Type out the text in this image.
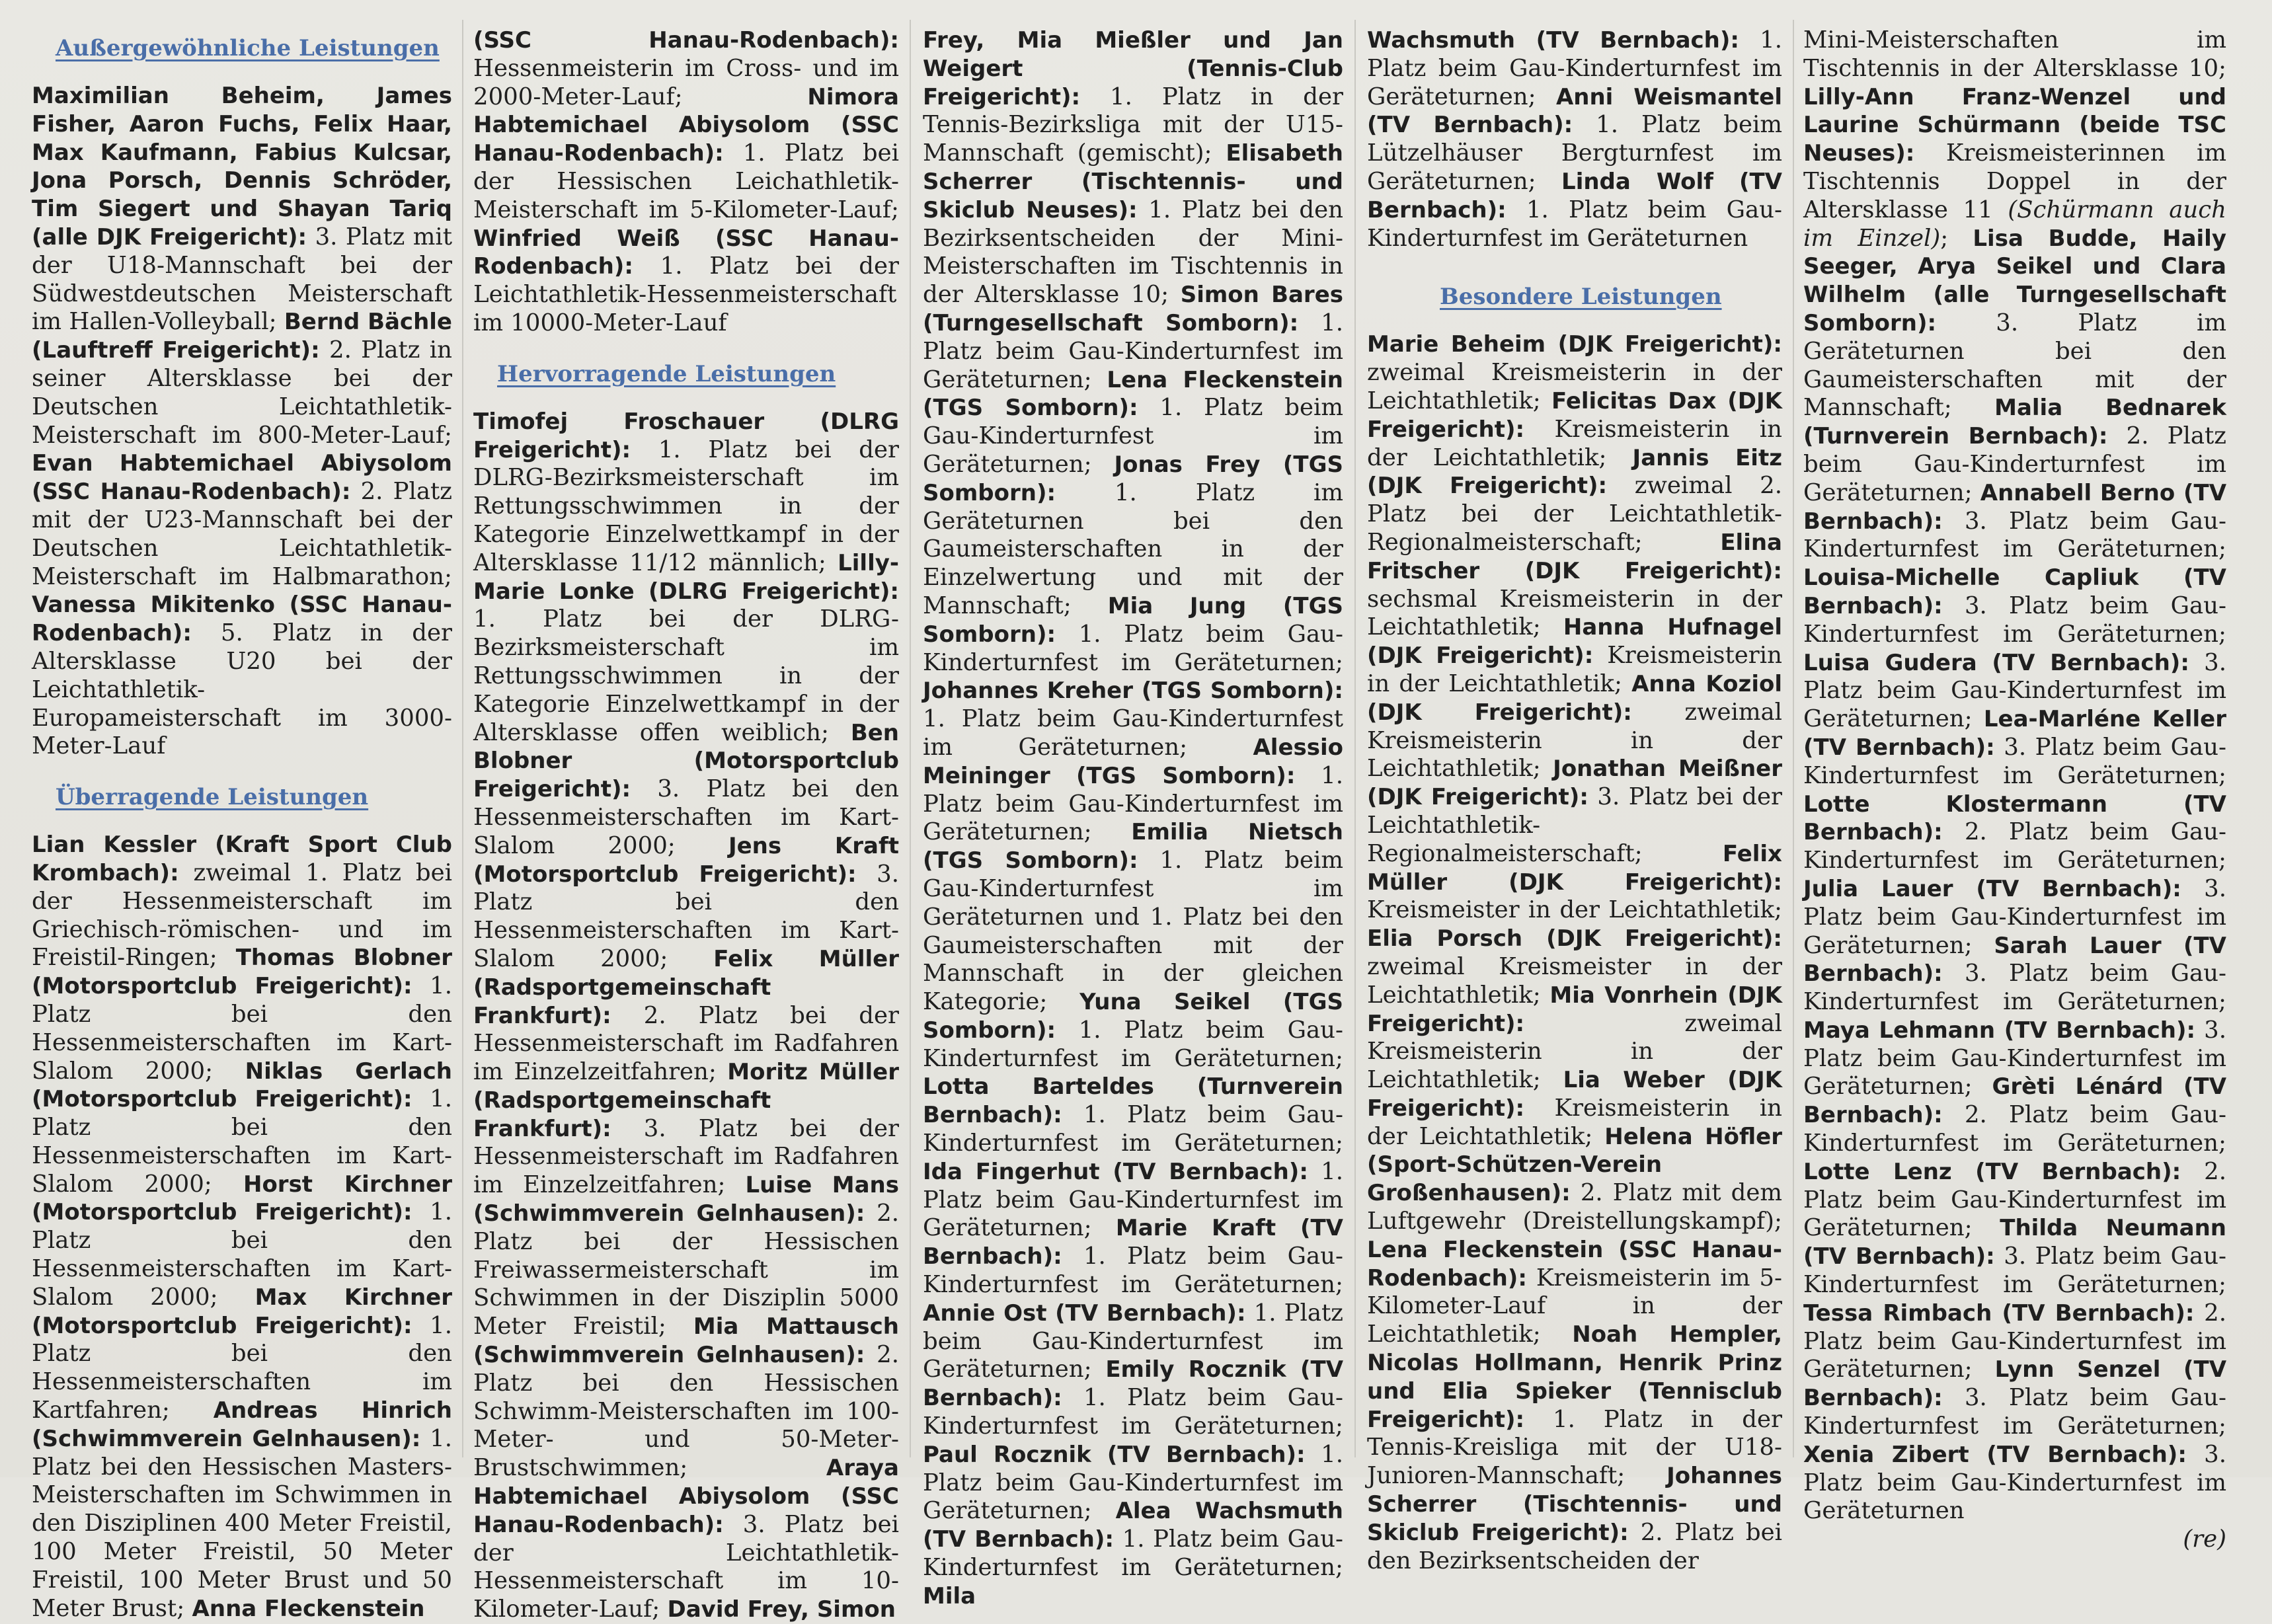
Außergewöhnliche Leistungen

Maximilian Beheim, James Fisher, Aaron Fuchs, Felix Haar, Max Kaufmann, Fabius Kulcsar, Jona Porsch, Dennis Schröder, Tim Siegert und Shayan Tariq (alle DJK Freigericht): 3. Platz mit der U18-Mannschaft bei der Südwestdeutschen Meisterschaft im Hallen-Volleyball; Bernd Bächle (Lauftreff Freigericht): 2. Platz in seiner Altersklasse bei der Deutschen Leichtathletik-Meisterschaft im 800-Meter-Lauf; Evan Habtemichael Abiysolom (SSC Hanau-Rodenbach): 2. Platz mit der U23-Mannschaft bei der Deutschen Leichtathletik-Meisterschaft im Halbmarathon; Vanessa Mikitenko (SSC Hanau-Rodenbach): 5. Platz in der Altersklasse U20 bei der Leichtathletik-Europameisterschaft im 3000-Meter-Lauf

Überragende Leistungen

Lian Kessler (Kraft Sport Club Krombach): zweimal 1. Platz bei der Hessenmeisterschaft im Griechisch-römischen- und im Freistil-Ringen; Thomas Blobner (Motorsportclub Freigericht): 1. Platz bei den Hessenmeisterschaften im Kart-Slalom 2000; Niklas Gerlach (Motorsportclub Freigericht): 1. Platz bei den Hessenmeisterschaften im Kart-Slalom 2000; Horst Kirchner (Motorsportclub Freigericht): 1. Platz bei den Hessenmeisterschaften im Kart-Slalom 2000; Max Kirchner (Motorsportclub Freigericht): 1. Platz bei den Hessenmeisterschaften im Kartfahren; Andreas Hinrich (Schwimmverein Gelnhausen): 1. Platz bei den Hessischen Masters-Meisterschaften im Schwimmen in den Disziplinen 400 Meter Freistil, 100 Meter Freistil, 50 Meter Freistil, 100 Meter Brust und 50 Meter Brust; Anna Fleckenstein

(SSC Hanau-Rodenbach): Hessenmeisterin im Cross- und im 2000-Meter-Lauf; Nimora Habtemichael Abiysolom (SSC Hanau-Rodenbach): 1. Platz bei der Hessischen Leichathletik-Meisterschaft im 5-Kilometer-Lauf; Winfried Weiß (SSC Hanau-Rodenbach): 1. Platz bei der Leichtathletik-Hessenmeisterschaft im 10000-Meter-Lauf

Hervorragende Leistungen

Timofej Froschauer (DLRG Freigericht): 1. Platz bei der DLRG-Bezirksmeisterschaft im Rettungsschwimmen in der Kategorie Einzelwettkampf in der Altersklasse 11/12 männlich; Lilly-Marie Lonke (DLRG Freigericht): 1. Platz bei der DLRG-Bezirksmeisterschaft im Rettungsschwimmen in der Kategorie Einzelwettkampf in der Altersklasse offen weiblich; Ben Blobner (Motorsportclub Freigericht): 3. Platz bei den Hessenmeisterschaften im Kart-Slalom 2000; Jens Kraft (Motorsportclub Freigericht): 3. Platz bei den Hessenmeisterschaften im Kart-Slalom 2000; Felix Müller (Radsportgemeinschaft Frankfurt): 2. Platz bei der Hessenmeisterschaft im Radfahren im Einzelzeitfahren; Moritz Müller (Radsportgemeinschaft Frankfurt): 3. Platz bei der Hessenmeisterschaft im Radfahren im Einzelzeitfahren; Luise Mans (Schwimmverein Gelnhausen): 2. Platz bei der Hessischen Freiwassermeisterschaft im Schwimmen in der Disziplin 5000 Meter Freistil; Mia Mattausch (Schwimmverein Gelnhausen): 2. Platz bei den Hessischen Schwimm-Meisterschaften im 100-Meter- und 50-Meter-Brustschwimmen; Araya Habtemichael Abiysolom (SSC Hanau-Rodenbach): 3. Platz bei der Leichtathletik-Hessenmeisterschaft im 10-Kilometer-Lauf; David Frey, Simon

Frey, Mia Mießler und Jan Weigert (Tennis-Club Freigericht): 1. Platz in der Tennis-Bezirksliga mit der U15-Mannschaft (gemischt); Elisabeth Scherrer (Tischtennis- und Skiclub Neuses): 1. Platz bei den Bezirksentscheiden der Mini-Meisterschaften im Tischtennis in der Altersklasse 10; Simon Bares (Turngesellschaft Somborn): 1. Platz beim Gau-Kinderturnfest im Geräteturnen; Lena Fleckenstein (TGS Somborn): 1. Platz beim Gau-Kinderturnfest im Geräteturnen; Jonas Frey (TGS Somborn): 1. Platz im Geräteturnen bei den Gaumeisterschaften in der Einzelwertung und mit der Mannschaft; Mia Jung (TGS Somborn): 1. Platz beim Gau-Kinderturnfest im Geräteturnen; Johannes Kreher (TGS Somborn): 1. Platz beim Gau-Kinderturnfest im Geräteturnen; Alessio Meininger (TGS Somborn): 1. Platz beim Gau-Kinderturnfest im Geräteturnen; Emilia Nietsch (TGS Somborn): 1. Platz beim Gau-Kinderturnfest im Geräteturnen und 1. Platz bei den Gaumeisterschaften mit der Mannschaft in der gleichen Kategorie; Yuna Seikel (TGS Somborn): 1. Platz beim Gau-Kinderturnfest im Geräteturnen; Lotta Barteldes (Turnverein Bernbach): 1. Platz beim Gau-Kinderturnfest im Geräteturnen; Ida Fingerhut (TV Bernbach): 1. Platz beim Gau-Kinderturnfest im Geräteturnen; Marie Kraft (TV Bernbach): 1. Platz beim Gau-Kinderturnfest im Geräteturnen; Annie Ost (TV Bernbach): 1. Platz beim Gau-Kinderturnfest im Geräteturnen; Emily Rocznik (TV Bernbach): 1. Platz beim Gau-Kinderturnfest im Geräteturnen; Paul Rocznik (TV Bernbach): 1. Platz beim Gau-Kinderturnfest im Geräteturnen; Alea Wachsmuth (TV Bernbach): 1. Platz beim Gau-Kinderturnfest im Geräteturnen; Mila

Wachsmuth (TV Bernbach): 1. Platz beim Gau-Kinderturnfest im Geräteturnen; Anni Weismantel (TV Bernbach): 1. Platz beim Lützelhäuser Bergturnfest im Geräteturnen; Linda Wolf (TV Bernbach): 1. Platz beim Gau-Kinderturnfest im Geräteturnen

Besondere Leistungen

Marie Beheim (DJK Freigericht): zweimal Kreismeisterin in der Leichtathletik; Felicitas Dax (DJK Freigericht): Kreismeisterin in der Leichtathletik; Jannis Eitz (DJK Freigericht): zweimal 2. Platz bei der Leichtathletik-Regionalmeisterschaft; Elina Fritscher (DJK Freigericht): sechsmal Kreismeisterin in der Leichtathletik; Hanna Hufnagel (DJK Freigericht): Kreismeisterin in der Leichtathletik; Anna Koziol (DJK Freigericht): zweimal Kreismeisterin in der Leichtathletik; Jonathan Meißner (DJK Freigericht): 3. Platz bei der Leichtathletik-Regionalmeisterschaft; Felix Müller (DJK Freigericht): Kreismeister in der Leichtathletik; Elia Porsch (DJK Freigericht): zweimal Kreismeister in der Leichtathletik; Mia Vonrhein (DJK Freigericht): zweimal Kreismeisterin in der Leichtathletik; Lia Weber (DJK Freigericht): Kreismeisterin in der Leichtathletik; Helena Höfler (Sport-Schützen-Verein Großenhausen): 2. Platz mit dem Luftgewehr (Dreistellungskampf); Lena Fleckenstein (SSC Hanau-Rodenbach): Kreismeisterin im 5-Kilometer-Lauf in der Leichtathletik; Noah Hempler, Nicolas Hollmann, Henrik Prinz und Elia Spieker (Tennisclub Freigericht): 1. Platz in der Tennis-Kreisliga mit der U18-Junioren-Mannschaft; Johannes Scherrer (Tischtennis- und Skiclub Freigericht): 2. Platz bei den Bezirksentscheiden der

Mini-Meisterschaften im Tischtennis in der Altersklasse 10; Lilly-Ann Franz-Wenzel und Laurine Schürmann (beide TSC Neuses): Kreismeisterinnen im Tischtennis Doppel in der Altersklasse 11 (Schürmann auch im Einzel); Lisa Budde, Haily Seeger, Arya Seikel und Clara Wilhelm (alle Turngesellschaft Somborn): 3. Platz im Geräteturnen bei den Gaumeisterschaften mit der Mannschaft; Malia Bednarek (Turnverein Bernbach): 2. Platz beim Gau-Kinderturnfest im Geräteturnen; Annabell Berno (TV Bernbach): 3. Platz beim Gau-Kinderturnfest im Geräteturnen; Louisa-Michelle Capliuk (TV Bernbach): 3. Platz beim Gau-Kinderturnfest im Geräteturnen; Luisa Gudera (TV Bernbach): 3. Platz beim Gau-Kinderturnfest im Geräteturnen; Lea-Marléne Keller (TV Bernbach): 3. Platz beim Gau-Kinderturnfest im Geräteturnen; Lotte Klostermann (TV Bernbach): 2. Platz beim Gau-Kinderturnfest im Geräteturnen; Julia Lauer (TV Bernbach): 3. Platz beim Gau-Kinderturnfest im Geräteturnen; Sarah Lauer (TV Bernbach): 3. Platz beim Gau-Kinderturnfest im Geräteturnen; Maya Lehmann (TV Bernbach): 3. Platz beim Gau-Kinderturnfest im Geräteturnen; Grèti Lénárd (TV Bernbach): 2. Platz beim Gau-Kinderturnfest im Geräteturnen; Lotte Lenz (TV Bernbach): 2. Platz beim Gau-Kinderturnfest im Geräteturnen; Thilda Neumann (TV Bernbach): 3. Platz beim Gau-Kinderturnfest im Geräteturnen; Tessa Rimbach (TV Bernbach): 2. Platz beim Gau-Kinderturnfest im Geräteturnen; Lynn Senzel (TV Bernbach): 3. Platz beim Gau-Kinderturnfest im Geräteturnen; Xenia Zibert (TV Bernbach): 3. Platz beim Gau-Kinderturnfest im Geräteturnen

(re)
